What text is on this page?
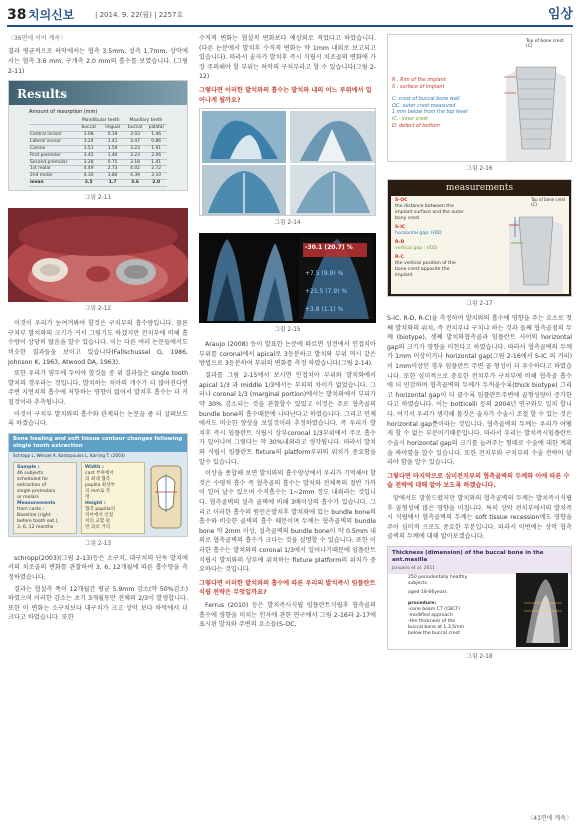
38 치의신보	| 2014. 9. 22(월) | 2257호	임상
〈36면에 이어 계속〉

결과 평균적으로 하악에서는 협측 3.5mm, 설측 1.7mm, 상악에서는 협측 3.6 mm, 구개측 2.0 mm의 흡수를 보였습니다. (그림 2-11)

Results
Amount of resorption (mm)
	Mandibular teeth		Maxillary teeth	
	buccal	lingual	buccal	palatal
Central incisor	3.08	0.19	3.03	1.46
Lateral incisor	3.24	1.41	3.47	0.86
Canine	3.51	1.59	3.23	1.91
First premolar	3.45	1.40	3.23	2.06
Second premolar	3.28	0.75	3.18	1.41
1st molar	4.49	2.73	4.02	2.72
2nd molar	4.30	3.80	4.39	3.10
mean	3.5	1.7	3.6	2.0
그림 2-11
그림 2-12

이것이 우리가 눈여겨봐야 할것은 구치부의 흡수량입니다. 물론 구치부 발치와의 크기가 커서 그렇기도 하겠지만 전치부에 비해 흡수량이 상당히 많음을 알수 있습니다. 이는 다른 여러 논문들에서도 비슷한 결과들을 보이고 있습니다(Fallschussel G, 1986, Johnson K, 1963, Atwood DA, 1963).

또한 우리가 염두에 두어야 할것들 중 위 결과들은 single tooth 발치의 경우라는 것입니다. 발치하는 치아의 개수가 더 많아진다면 주변 지연치의 흡수에 저항하는 영향이 없어서 발치후 흡수는 더 커질것이라 추측됩니다.

이것이 구치부 발치와의 흡수와 관계되는 논문을 좀 더 살펴보도록 하겠습니다.

Bone healing and soft tissue contour changes following single tooth extraction
Schropp L, Wenzel A, Kostopoulos L, Karring T. (2003)
Sample :
46 subjects
scheduled for
extraction of
single premolars
or molars
Measurements
from casts :
Baseline (right
before tooth ext.),
3, 6, 12 months
Width :
cast 부위에서
의 최대 협측
papilla 최상부
의 mm로 측
정
Height :
협측 papilla의
치아에서 인접
치의 교합 평
면 과의 거리
그림 2-13

schropp(2003)(그림 2-13)등은 소구치, 대구치의 단독 발치에서의 치조골의 변화를 관찰하여 3, 6, 12개월에 따른 흡수양을 측정하였습니다.

결과는 협설측 폭이 12개월간 평균 5.9mm 감소(약 50%감소)하였으며 이러한 감소는 초기 3개월동안 전체의 2/3이 발생합니다. 또한 이 변화는 소구치보다 대구치가 크고 상악 보다 하악에서 더 크다고 하였습니다. 또한

수직적 변화는 협설적 변화보다 예상외로 적었다고 하였습니다. (다른 논문에서 발치후 수직적 변화는 약 1mm 내외로 보고되고 있습니다). 따라서 술자가 발치후 즉시 식립시 치조골의 변화에 가장 주의해야 할 부위는 하악의 구치부라고 할 수 있습니다(그림 2-12)

그렇다면 이러한 발치와의 흡수는 발치와 내의 어느 부위에서 일어나게 될까요?
그림 2-14
-30.1 (20.7) %
+7.5 (9.9) %
+21.5 (7.9) %
+3.8 (1.1) %
그림 2-15

Araujo (2008) 등이 발표한 논문에 따르면 성견에서 인접치아부위를 coronal에서 apical로 3등분하고 발치와 부위 역시 같은 방법으로 3등분하여 부위의 변화를 측정 하였습니다(그림 2-14).

결과를 그림 2-15에서 보시면 인접치아 부위와 발치와에서 apical 1/3 과 middle 1/3에서는 부피의 차이가 없었습니다. 그러나 coronal 1/3 (marginal portion)에서는 발치와에서 부피가 약 30% 감소되는 것을 관찰할수 있었고 이것은 주로 협측골의 bundle bone의 흡수때문에 나타난다고 하였습니다. 그리고 인체에서도 비슷한 양상을 보일것이라 추정하였습니다. 즉 우리가 발치후 즉시 임플란트 식립시 상부coronal 1/3부위에서 주로 흡수가 일어나며 그렇다는 약 30%내외라고 생각됩니다. 따라서 발치와 식립시 임플란트 fixture의 platform부위의 위치가 중요함을 알수 있습니다.

이상을 종합해 보면 발치와의 흡수양상에서 우리가 기억해야 할 것은 수평적 흡수 즉 협측골의 흡수는 발치와 전체폭의 절반 가까이 일어 날수 있으며 수직흡수는 1~2mm 정도 내외라는 것입니다. 협측골벽의 설측 골벽에 비해 3배이상의 흡수가 있습니다. 그리고 이러한 흡수의 원인은발치후 발치와에 있는 bundle bone의 흡수와 비슷한 골벽의 흡수 때문이며 두께는 협측골벽의 bundle bone 약 2mm 이상, 설측골벽의 bundle bone이 약 0.5mm 내외로 협측골벽의 흡수가 크다는 것을 설명할 수 있습니다. 또한 이러한 흡수는 발치와의 coronal 1/3에서 일어나기때문에 임플란트 식립시 발치와의 상부에 위치하는 fixture platform의 위치가 중요하다는 것입니다.

그렇다면 이러한 발치와의 흡수에 따른 우리의 발치즉시 임플란트 식립 전략은 무엇일까요?

Ferrus (2010) 등은 발치즉시식립 임플란트식립후 협측골의 흡수에 영향을 미치는 인자에 관한 연구에서 그림 2-16과 2-17에 표시된 발치와 주변의 요소들(S-OC,

R : Rim of the implant
S : surface of implant
C: crest of buccal bone wall
OC: outer crest measured
1 mm below from the top level
IC : inner crest
D: defect of bottom
Top of bone crest (C)
그림 2-16
measurements
S-OC
the distance between the
implant surface and the outer
bony crest
S-IC
horizontal gap: HDD
R-D
vertical gap : VDD
R-C
the vertical position of the
bone crest opposite the
implant
Top of bone crest (C)
그림 2-17

S-IC, R-D, R-C)을 측정하여 발치와의 흡수에 영향을 주는 요소로 첫째 발치와의 위치, 즉 전치부냐 구치냐 하는 것과 둘째 협측골점의 두께 (biotype), 셋째 발치와협측골과 임플란트 사이의 horizontal gap의 크기가 영향을 미친다고 하였습니다. 따라서 협측골벽의 두께가 1mm 이상이거나 horizontal gap(그림 2-16에서 S-IC 의 거리)이 1mm이상인 경우 임플란트 주변 골 형성이 더 우수하다고 하였습니다. 또한 심미적으로 중요한 전치부가 구치부에 비해 협측골 흡수에 더 민감하며 협측골벽의 두께가 두꺼울수록(thick biotype) 그리고 horizontal gap이 더 클수록 임플란트주변에 골형성량이 증가한다고 하였습니다. 이는 botticelli 등의 2004년 연구와도 일치 합니다. 여기서 우리가 생각해 볼것은 술자가 수술시 조절 할 수 있는 것은 horizontal gap뿐이라는 것입니다. 협측골벽의 두께는 우리가 어떻게 할 수 없는 부분이기때문입니다. 따라서 우리는 발치즉시임플란트 수술시 horizontal gap의 크기를 늘려주는 형태로 수술에 대한 계획을 짜야함을 알수 있습니다. 또한 전치부와 구치부의 수술 전략이 달라야 함을 알수 있습니다.

그렇다면 마지막으로 심미전치부의 협측골벽의 두께와 이에 따른 수술 전략에 대해 알아 보도록 하겠습니다.

앞에서도 말씀드렸지만 발치와의 협측골벽의 두께는 발치즉시식립후 골형성에 많은 영향을 미칩니다. 특히 상악 전치부에서의 발치즉시 식립에서 협측골벽의 두께는 soft tissue recession에도 영향을 주어 심미적 으로도 중요한 부분입니다. 따라서 이번에는 상악 협측골벽의 두께에 대해 알아보겠습니다.

Thickness (dimension) of the buccal bone in the ant.maxilla
Januario et al. 2011
250 periodontally healthy
subjects
aged 18-66years
procedure:
-cone beam CT (CBCT)
-modified approach
-the thickness of the
buccal bone at 1,3,5mm
below the buccal crest
그림 2-18
〈41면에 계속〉
